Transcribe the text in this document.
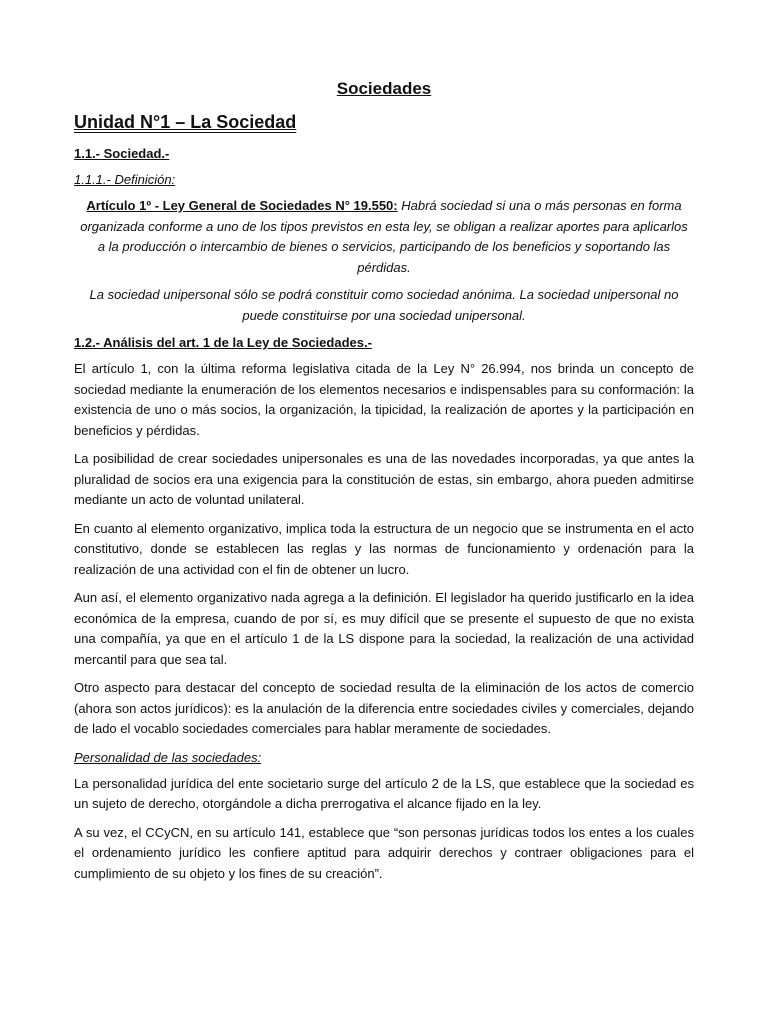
Sociedades
Unidad N°1 – La Sociedad
1.1.- Sociedad.-
1.1.1.- Definición:

Artículo 1º - Ley General de Sociedades N° 19.550: Habrá sociedad si una o más personas en forma organizada conforme a uno de los tipos previstos en esta ley, se obligan a realizar aportes para aplicarlos a la producción o intercambio de bienes o servicios, participando de los beneficios y soportando las pérdidas.

La sociedad unipersonal sólo se podrá constituir como sociedad anónima. La sociedad unipersonal no puede constituirse por una sociedad unipersonal.

1.2.- Análisis del art. 1 de la Ley de Sociedades.-

El artículo 1, con la última reforma legislativa citada de la Ley N° 26.994, nos brinda un concepto de sociedad mediante la enumeración de los elementos necesarios e indispensables para su conformación: la existencia de uno o más socios, la organización, la tipicidad, la realización de aportes y la participación en beneficios y pérdidas.

La posibilidad de crear sociedades unipersonales es una de las novedades incorporadas, ya que antes la pluralidad de socios era una exigencia para la constitución de estas, sin embargo, ahora pueden admitirse mediante un acto de voluntad unilateral.

En cuanto al elemento organizativo, implica toda la estructura de un negocio que se instrumenta en el acto constitutivo, donde se establecen las reglas y las normas de funcionamiento y ordenación para la realización de una actividad con el fin de obtener un lucro.

Aun así, el elemento organizativo nada agrega a la definición. El legislador ha querido justificarlo en la idea económica de la empresa, cuando de por sí, es muy difícil que se presente el supuesto de que no exista una compañía, ya que en el artículo 1 de la LS dispone para la sociedad, la realización de una actividad mercantil para que sea tal.

Otro aspecto para destacar del concepto de sociedad resulta de la eliminación de los actos de comercio (ahora son actos jurídicos): es la anulación de la diferencia entre sociedades civiles y comerciales, dejando de lado el vocablo sociedades comerciales para hablar meramente de sociedades.

Personalidad de las sociedades:

La personalidad jurídica del ente societario surge del artículo 2 de la LS, que establece que la sociedad es un sujeto de derecho, otorgándole a dicha prerrogativa el alcance fijado en la ley.

A su vez, el CCyCN, en su artículo 141, establece que “son personas jurídicas todos los entes a los cuales el ordenamiento jurídico les confiere aptitud para adquirir derechos y contraer obligaciones para el cumplimiento de su objeto y los fines de su creación”.
